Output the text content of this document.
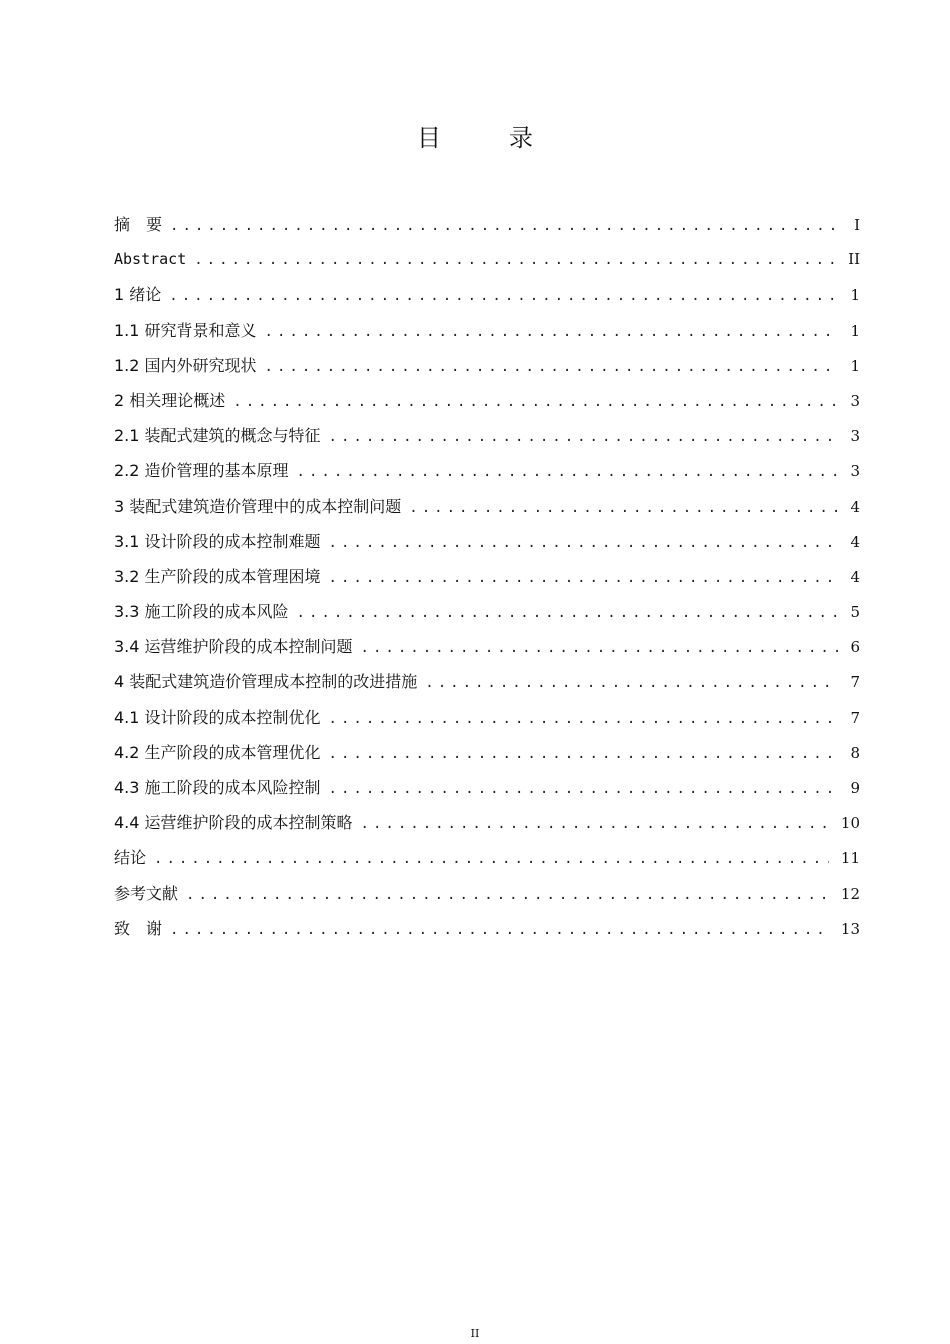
目　录
摘　要 .....	I
Abstract .....	II
1 绪论 .....	1
1.1 研究背景和意义 .....	1
1.2 国内外研究现状 .....	1
2 相关理论概述 .....	3
2.1 装配式建筑的概念与特征 .....	3
2.2 造价管理的基本原理 .....	3
3 装配式建筑造价管理中的成本控制问题 .....	4
3.1 设计阶段的成本控制难题 .....	4
3.2 生产阶段的成本管理困境 .....	4
3.3 施工阶段的成本风险 .....	5
3.4 运营维护阶段的成本控制问题 .....	6
4 装配式建筑造价管理成本控制的改进措施 .....	7
4.1 设计阶段的成本控制优化 .....	7
4.2 生产阶段的成本管理优化 .....	8
4.3 施工阶段的成本风险控制 .....	9
4.4 运营维护阶段的成本控制策略 .....	10
结论 .....	11
参考文献 .....	12
致　谢 .....	13
II
